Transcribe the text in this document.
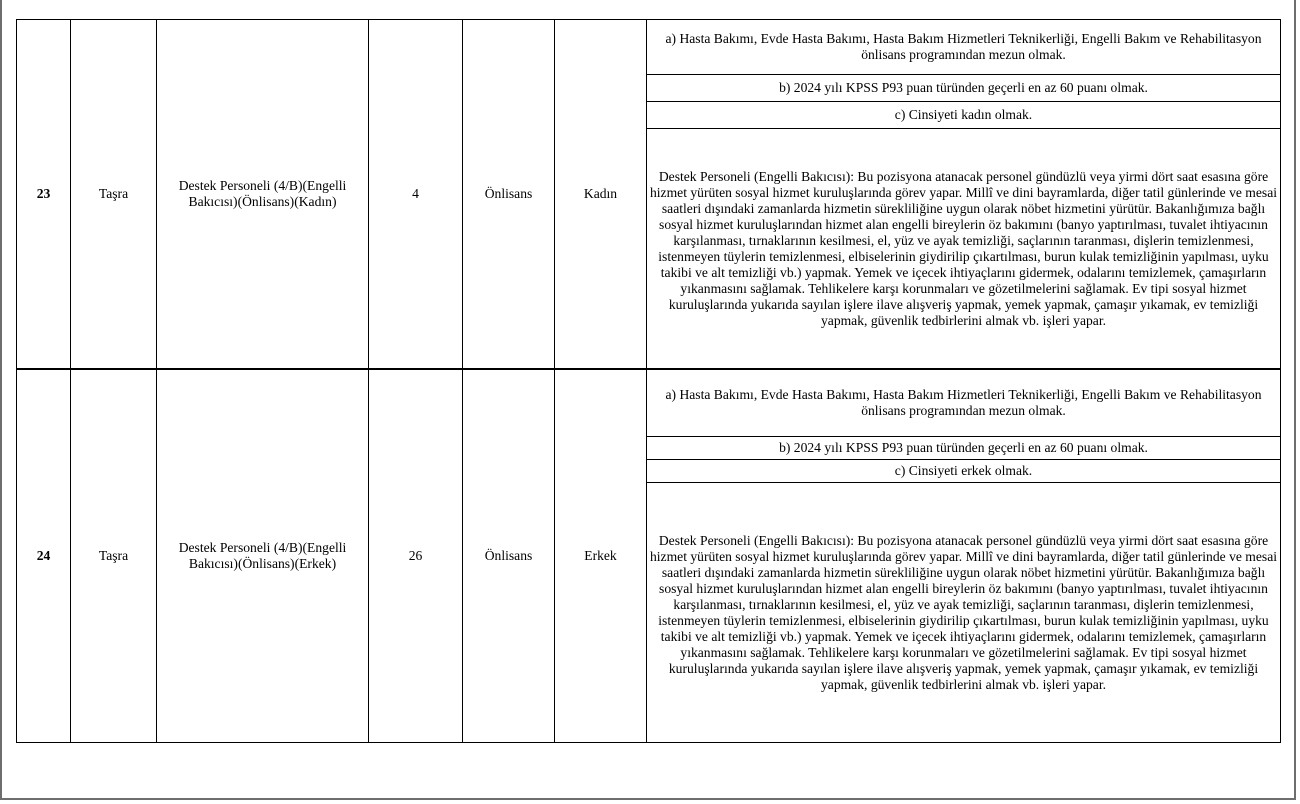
23	Taşra	Destek Personeli (4/B)(Engelli Bakıcısı)(Önlisans)(Kadın)	4	Önlisans	Kadın	a) Hasta Bakımı, Evde Hasta Bakımı, Hasta Bakım Hizmetleri Teknikerliği, Engelli Bakım ve Rehabilitasyon önlisans programından mezun olmak.
						b) 2024 yılı KPSS P93 puan türünden geçerli en az 60 puanı olmak.
						c) Cinsiyeti kadın olmak.
						Destek Personeli (Engelli Bakıcısı): Bu pozisyona atanacak personel gündüzlü veya yirmi dört saat esasına göre hizmet yürüten sosyal hizmet kuruluşlarında görev yapar. Millî ve dini bayramlarda, diğer tatil günlerinde ve mesai saatleri dışındaki zamanlarda hizmetin sürekliliğine uygun olarak nöbet hizmetini yürütür. Bakanlığımıza bağlı sosyal hizmet kuruluşlarından hizmet alan engelli bireylerin öz bakımını (banyo yaptırılması, tuvalet ihtiyacının karşılanması, tırnaklarının kesilmesi, el, yüz ve ayak temizliği, saçlarının taranması, dişlerin temizlenmesi, istenmeyen tüylerin temizlenmesi, elbiselerinin giydirilip çıkartılması, burun kulak temizliğinin yapılması, uyku takibi ve alt temizliği vb.) yapmak. Yemek ve içecek ihtiyaçlarını gidermek, odalarını temizlemek, çamaşırların yıkanmasını sağlamak. Tehlikelere karşı korunmaları ve gözetilmelerini sağlamak. Ev tipi sosyal hizmet kuruluşlarında yukarıda sayılan işlere ilave alışveriş yapmak, yemek yapmak, çamaşır yıkamak, ev temizliği yapmak, güvenlik tedbirlerini almak vb. işleri yapar.
24	Taşra	Destek Personeli (4/B)(Engelli Bakıcısı)(Önlisans)(Erkek)	26	Önlisans	Erkek	a) Hasta Bakımı, Evde Hasta Bakımı, Hasta Bakım Hizmetleri Teknikerliği, Engelli Bakım ve Rehabilitasyon önlisans programından mezun olmak.
						b) 2024 yılı KPSS P93 puan türünden geçerli en az 60 puanı olmak.
						c) Cinsiyeti erkek olmak.
						Destek Personeli (Engelli Bakıcısı): Bu pozisyona atanacak personel gündüzlü veya yirmi dört saat esasına göre hizmet yürüten sosyal hizmet kuruluşlarında görev yapar. Millî ve dini bayramlarda, diğer tatil günlerinde ve mesai saatleri dışındaki zamanlarda hizmetin sürekliliğine uygun olarak nöbet hizmetini yürütür. Bakanlığımıza bağlı sosyal hizmet kuruluşlarından hizmet alan engelli bireylerin öz bakımını (banyo yaptırılması, tuvalet ihtiyacının karşılanması, tırnaklarının kesilmesi, el, yüz ve ayak temizliği, saçlarının taranması, dişlerin temizlenmesi, istenmeyen tüylerin temizlenmesi, elbiselerinin giydirilip çıkartılması, burun kulak temizliğinin yapılması, uyku takibi ve alt temizliği vb.) yapmak. Yemek ve içecek ihtiyaçlarını gidermek, odalarını temizlemek, çamaşırların yıkanmasını sağlamak. Tehlikelere karşı korunmaları ve gözetilmelerini sağlamak. Ev tipi sosyal hizmet kuruluşlarında yukarıda sayılan işlere ilave alışveriş yapmak, yemek yapmak, çamaşır yıkamak, ev temizliği yapmak, güvenlik tedbirlerini almak vb. işleri yapar.
